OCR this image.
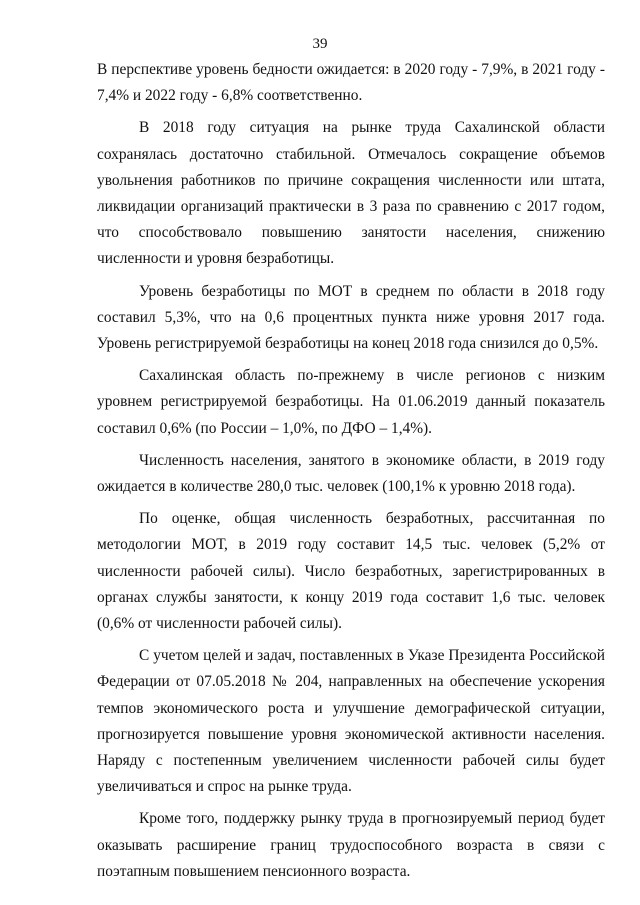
39

В перспективе уровень бедности ожидается: в 2020 году - 7,9%, в 2021 году - 7,4% и 2022 году - 6,8% соответственно.

В 2018 году ситуация на рынке труда Сахалинской области сохранялась достаточно стабильной. Отмечалось сокращение объемов увольнения работников по причине сокращения численности или штата, ликвидации организаций практически в 3 раза по сравнению с 2017 годом, что способствовало повышению занятости населения, снижению численности и уровня безработицы.

Уровень безработицы по МОТ в среднем по области в 2018 году составил 5,3%, что на 0,6 процентных пункта ниже уровня 2017 года. Уровень регистрируемой безработицы на конец 2018 года снизился до 0,5%.

Сахалинская область по-прежнему в числе регионов с низким уровнем регистрируемой безработицы. На 01.06.2019 данный показатель составил 0,6% (по России – 1,0%, по ДФО – 1,4%).

Численность населения, занятого в экономике области, в 2019 году ожидается в количестве 280,0 тыс. человек (100,1% к уровню 2018 года).

По оценке, общая численность безработных, рассчитанная по методологии МОТ, в 2019 году составит 14,5 тыс. человек (5,2% от численности рабочей силы). Число безработных, зарегистрированных в органах службы занятости, к концу 2019 года составит 1,6 тыс. человек (0,6% от численности рабочей силы).

С учетом целей и задач, поставленных в Указе Президента Российской Федерации от 07.05.2018 № 204, направленных на обеспечение ускорения темпов экономического роста и улучшение демографической ситуации, прогнозируется повышение уровня экономической активности населения. Наряду с постепенным увеличением численности рабочей силы будет увеличиваться и спрос на рынке труда.

Кроме того, поддержку рынку труда в прогнозируемый период будет оказывать расширение границ трудоспособного возраста в связи с поэтапным повышением пенсионного возраста.
